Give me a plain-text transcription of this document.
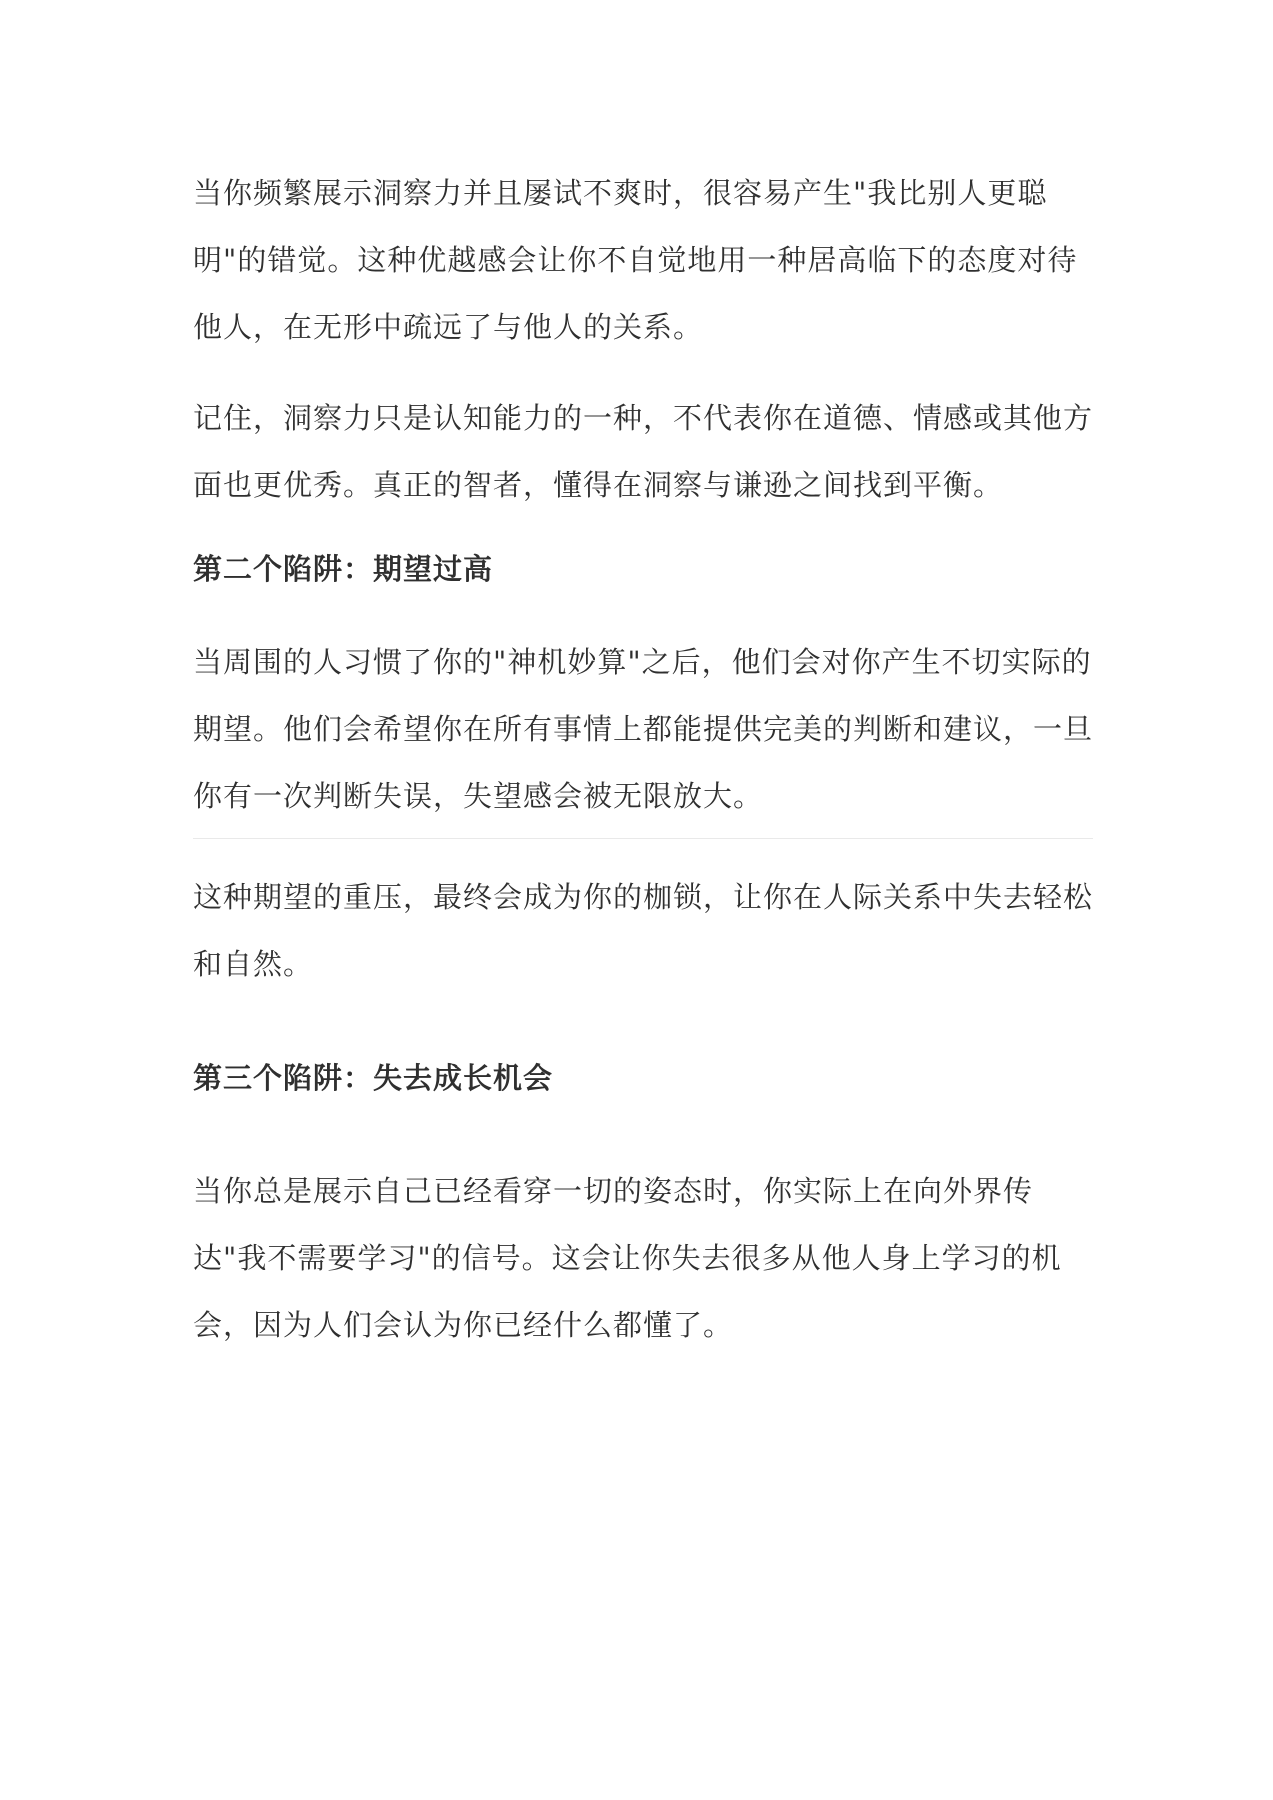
当你频繁展示洞察力并且屡试不爽时，很容易产生"我比别人更聪明"的错觉。这种优越感会让你不自觉地用一种居高临下的态度对待他人，在无形中疏远了与他人的关系。

记住，洞察力只是认知能力的一种，不代表你在道德、情感或其他方面也更优秀。真正的智者，懂得在洞察与谦逊之间找到平衡。

第二个陷阱：期望过高

当周围的人习惯了你的"神机妙算"之后，他们会对你产生不切实际的期望。他们会希望你在所有事情上都能提供完美的判断和建议，一旦你有一次判断失误，失望感会被无限放大。

这种期望的重压，最终会成为你的枷锁，让你在人际关系中失去轻松和自然。

第三个陷阱：失去成长机会

当你总是展示自己已经看穿一切的姿态时，你实际上在向外界传达"我不需要学习"的信号。这会让你失去很多从他人身上学习的机会，因为人们会认为你已经什么都懂了。
